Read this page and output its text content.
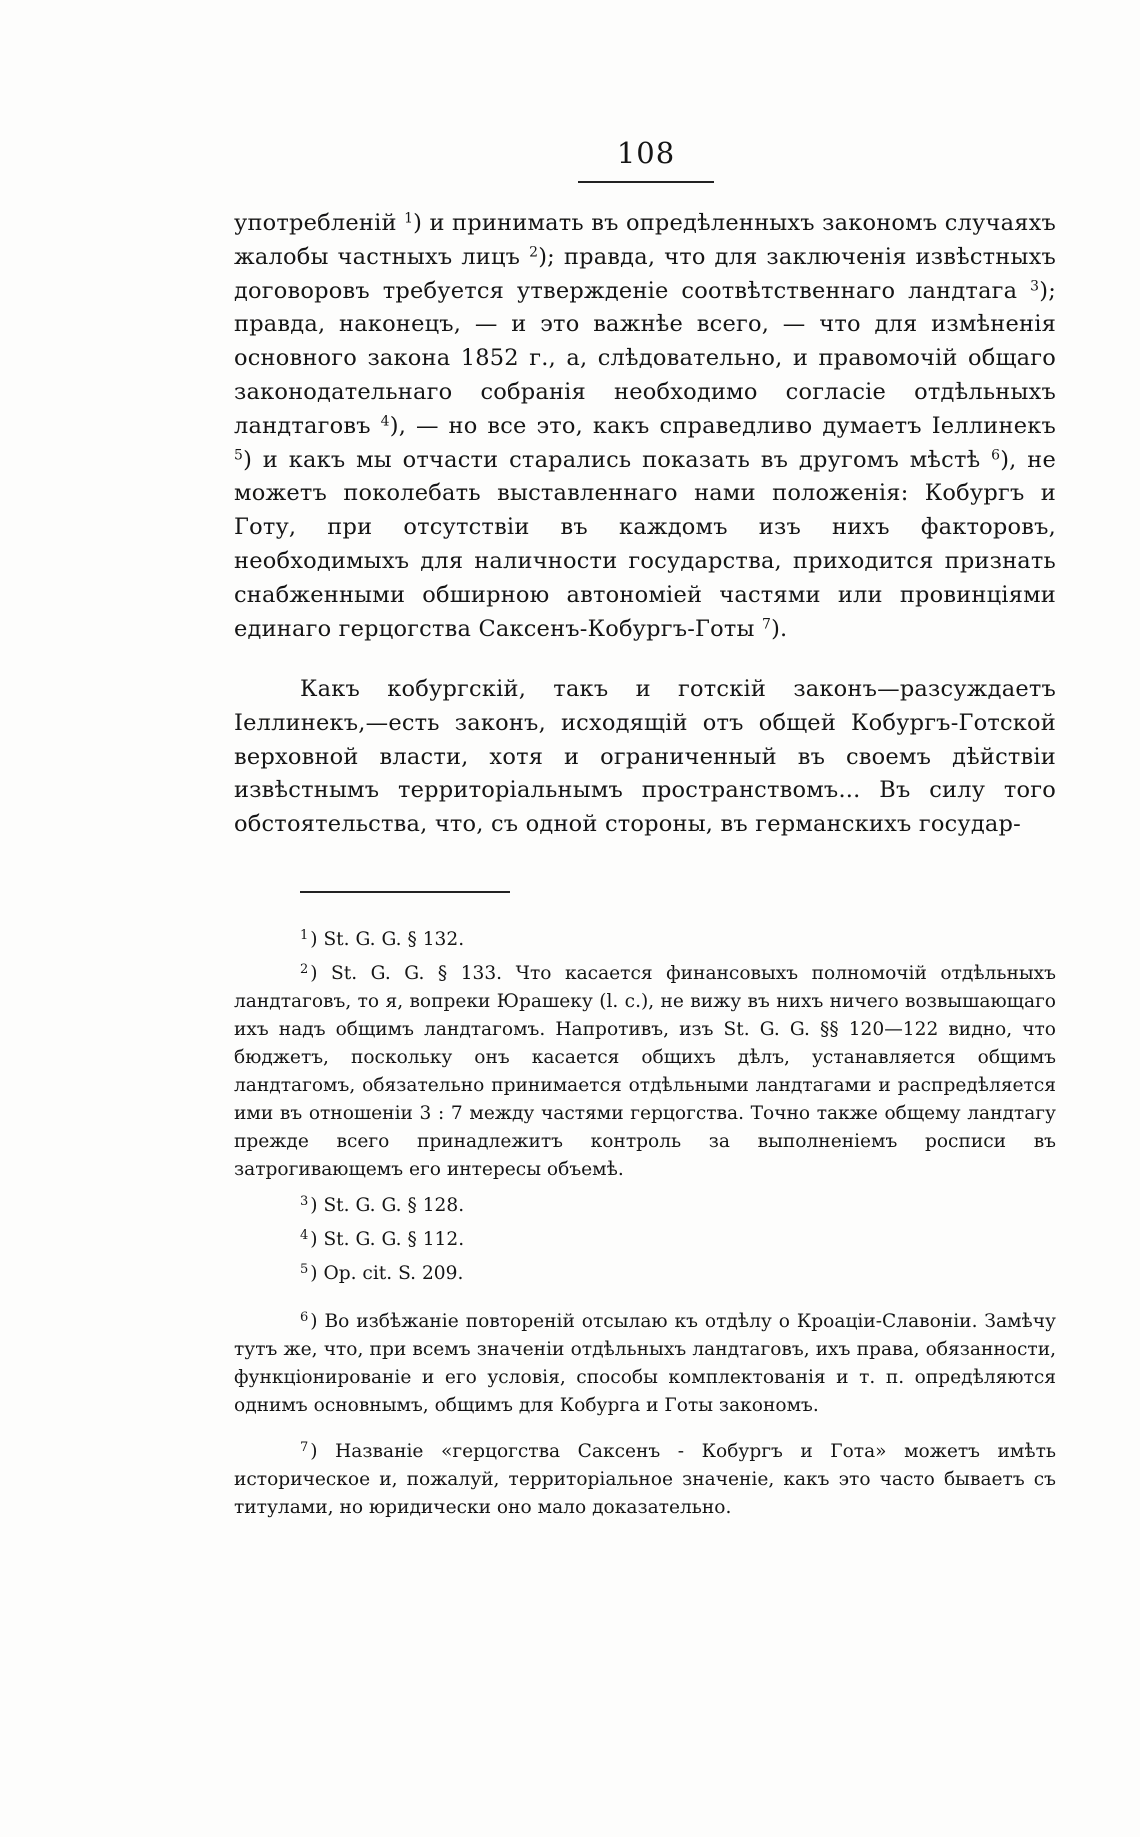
108

употребленій $^1$) и принимать въ опредѣленныхъ закономъ случаяхъ жалобы частныхъ лицъ $^2$); правда, что для заключенія извѣстныхъ договоровъ требуется утвержденіе соотвѣтственнаго ландтага $^3$); правда, наконецъ, — и это важнѣе всего, — что для измѣненія основного закона 1852 г., а, слѣдовательно, и правомочій общаго законодательнаго собранія необходимо согласіе отдѣльныхъ ландтаговъ $^4$), — но все это, какъ справедливо думаетъ Іеллинекъ $^5$) и какъ мы отчасти старались показать въ другомъ мѣстѣ $^6$), не можетъ поколебать выставленнаго нами положенія: Кобургъ и Готу, при отсутствіи въ каждомъ изъ нихъ факторовъ, необходимыхъ для наличности государства, приходится признать снабженными обширною автономіей частями или провинціями единаго герцогства Саксенъ-Кобургъ-Готы $^7$).

Какъ кобургскій, такъ и готскій законъ—разсуждаетъ Іеллинекъ,—есть законъ, исходящій отъ общей Кобургъ-Готской верховной власти, хотя и ограниченный въ своемъ дѣйствіи извѣстнымъ территоріальнымъ пространствомъ... Въ силу того обстоятельства, что, съ одной стороны, въ германскихъ государ-

$^1$ ) St. G. G. § 132.

$^2$ ) St. G. G. § 133. Что касается финансовыхъ полномочій отдѣльныхъ ландтаговъ, то я, вопреки Юрашеку (l. c.), не вижу въ нихъ ничего возвышающаго ихъ надъ общимъ ландтагомъ. Напротивъ, изъ St. G. G. §§ 120—122 видно, что бюджетъ, поскольку онъ касается общихъ дѣлъ, устанавляется общимъ ландтагомъ, обязательно принимается отдѣльными ландтагами и распредѣляется ими въ отношеніи 3 : 7 между частями герцогства. Точно также общему ландтагу прежде всего принадлежитъ контроль за выполненіемъ росписи въ затрогивающемъ его интересы объемѣ.

$^3$ ) St. G. G. § 128.

$^4$ ) St. G. G. § 112.

$^5$ ) Op. cit. S. 209.

$^6$ ) Во избѣжаніе повтореній отсылаю къ отдѣлу о Кроаціи-Славоніи. Замѣчу тутъ же, что, при всемъ значеніи отдѣльныхъ ландтаговъ, ихъ права, обязанности, функціонированіе и его условія, способы комплектованія и т. п. опредѣляются однимъ основнымъ, общимъ для Кобурга и Готы закономъ.

$^7$ ) Названіе «герцогства Саксенъ - Кобургъ и Гота» можетъ имѣть историческое и, пожалуй, территоріальное значеніе, какъ это часто бываетъ съ титулами, но юридически оно мало доказательно.
